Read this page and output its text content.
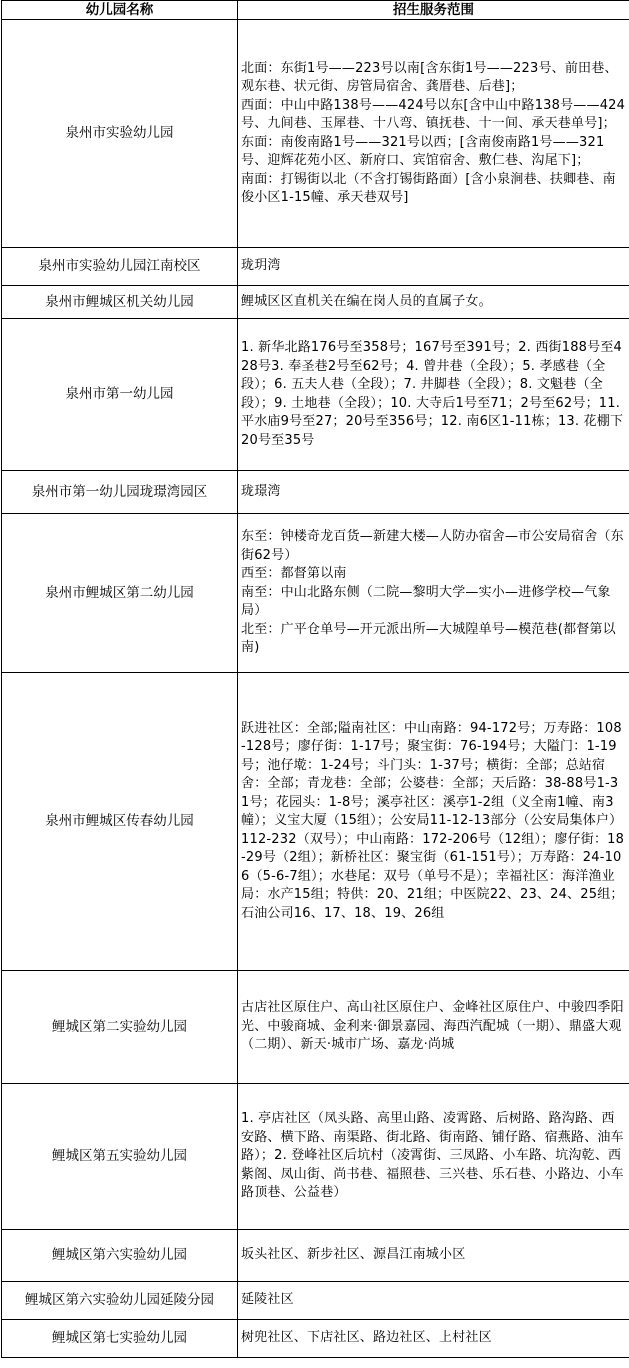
幼儿园名称	招生服务范围
泉州市实验幼儿园	北面：东街1号——223号以南[含东街1号——223号、前田巷、观东巷、状元街、房管局宿舍、龚厝巷、后巷]；
西面：中山中路138号——424号以东[含中山中路138号——424号、九间巷、玉犀巷、十八弯、镇抚巷、十一间、承天巷单号]；
东面：南俊南路1号——321号以西；[含南俊南路1号——321号、迎辉花苑小区、新府口、宾馆宿舍、敷仁巷、沟尾下]；
南面：打锡街以北（不含打锡街路面）[含小泉涧巷、扶卿巷、南俊小区1-15幢、承天巷双号]

泉州市实验幼儿园江南校区	珑玥湾

泉州市鲤城区机关幼儿园	鲤城区区直机关在编在岗人员的直属子女。

泉州市第一幼儿园	1. 新华北路176号至358号；167号至391号；2. 西街188号至428号3. 奉圣巷2号至62号；4. 曾井巷（全段）；5. 孝感巷（全段）；6. 五夫人巷（全段）；7. 井脚巷（全段）；8. 文魁巷（全段）；9. 土地巷（全段）；10. 大寺后1号至71；2号至62号；11. 平水庙9号至27；20号至356号；12. 南6区1-11栋；13. 花棚下20号至35号

泉州市第一幼儿园珑璟湾园区	珑璟湾

泉州市鲤城区第二幼儿园	东至：钟楼奇龙百货—新建大楼—人防办宿舍—市公安局宿舍（东街62号）
西至：都督第以南
南至：中山北路东侧（二院—黎明大学—实小—进修学校—气象局）
北至：广平仓单号—开元派出所—大城隍单号—模范巷(都督第以南)

泉州市鲤城区传春幼儿园	跃进社区：全部;隘南社区：中山南路：94-172号；万寿路：108-128号；廖仔街：1-17号；聚宝街：76-194号；大隘门：1-19号；池仔墘：1-24号；斗门头：1-37号；横街：全部；总站宿舍：全部；青龙巷：全部；公婆巷：全部；天后路：38-88号1-31号；花园头：1-8号；溪亭社区：溪亭1-2组（义全南1幢、南3幢）；义宝大厦（15组）；公安局11-12-13部分（公安局集体户）112-232（双号）；中山南路：172-206号（12组）；廖仔街：18-29号（2组）；新桥社区：聚宝街（61-151号）；万寿路：24-106（5-6-7组）；水巷尾：双号（单号不是）；幸福社区：海洋渔业局：水产15组；特供：20、21组；中医院22、23、24、25组；石油公司16、17、18、19、26组

鲤城区第二实验幼儿园	古店社区原住户、高山社区原住户、金峰社区原住户、中骏四季阳光、中骏商城、金利来·御景嘉园、海西汽配城（一期）、鼎盛大观（二期）、新天·城市广场、嘉龙·尚城

鲤城区第五实验幼儿园	1. 亭店社区（凤头路、高里山路、凌霄路、后树路、路沟路、西安路、横下路、南渠路、街北路、街南路、铺仔路、宿燕路、油车路）；2. 登峰社区后坑村（凌霄街、三凤路、小车路、坑沟乾、西紫阁、凤山街、尚书巷、福照巷、三兴巷、乐石巷、小路边、小车路顶巷、公益巷）

鲤城区第六实验幼儿园	坂头社区、新步社区、源昌江南城小区

鲤城区第六实验幼儿园延陵分园	延陵社区

鲤城区第七实验幼儿园	树兜社区、下店社区、路边社区、上村社区
